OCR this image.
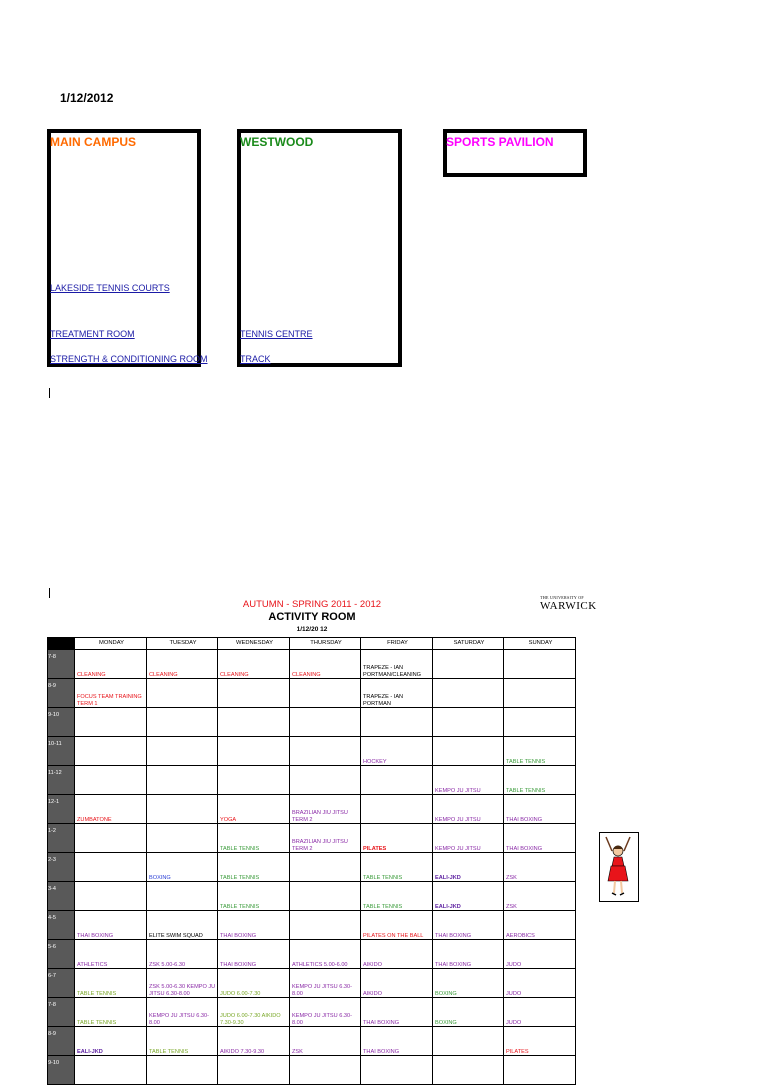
1/12/2012
MAIN CAMPUS
LAKESIDE TENNIS COURTS
TREATMENT ROOM
STRENGTH & CONDITIONING ROOM
WESTWOOD
TENNIS CENTRE
TRACK
SPORTS PAVILION
AUTUMN - SPRING 2011 - 2012
ACTIVITY ROOM
1/12/20 12
THE UNIVERSITY OF
WARWICK
	MONDAY	TUESDAY	WEDNESDAY	THURSDAY	FRIDAY	SATURDAY	SUNDAY
7-8	CLEANING	CLEANING	CLEANING	CLEANING	TRAPEZE - IAN PORTMAN/CLEANING		
8-9	FOCUS TEAM TRAINING TERM 1				TRAPEZE - IAN PORTMAN		
9-10							
10-11					HOCKEY		TABLE TENNIS
11-12						KEMPO JU JITSU	TABLE TENNIS
12-1	ZUMBATONE		YOGA	BRAZILIAN JIU JITSU TERM 2		KEMPO JU JITSU	THAI BOXING
1-2			TABLE TENNIS	BRAZILIAN JIU JITSU TERM 2	PILATES	KEMPO JU JITSU	THAI BOXING
2-3		BOXING	TABLE TENNIS		TABLE TENNIS	EALI-JKD	ZSK
3-4			TABLE TENNIS		TABLE TENNIS	EALI-JKD	ZSK
4-5	THAI BOXING	ELITE SWIM SQUAD	THAI BOXING		PILATES ON THE BALL	THAI BOXING	AEROBICS
5-6	ATHLETICS	ZSK 5.00-6.30	THAI BOXING	ATHLETICS 5.00-6.00	AIKIDO	THAI BOXING	JUDO
6-7	TABLE TENNIS	ZSK 5.00-6.30 KEMPO JU JITSU 6.30-8.00	JUDO 6.00-7.30	KEMPO JU JITSU 6.30-8.00	AIKIDO	BOXING	JUDO
7-8	TABLE TENNIS	KEMPO JU JITSU 6.30-8.00	JUDO 6.00-7.30 AIKIDO 7.30-9.30	KEMPO JU JITSU 6.30-8.00	THAI BOXING	BOXING	JUDO
8-9	EALI-JKD	TABLE TENNIS	AIKIDO 7.30-9.30	ZSK	THAI BOXING		PILATES
9-10							
